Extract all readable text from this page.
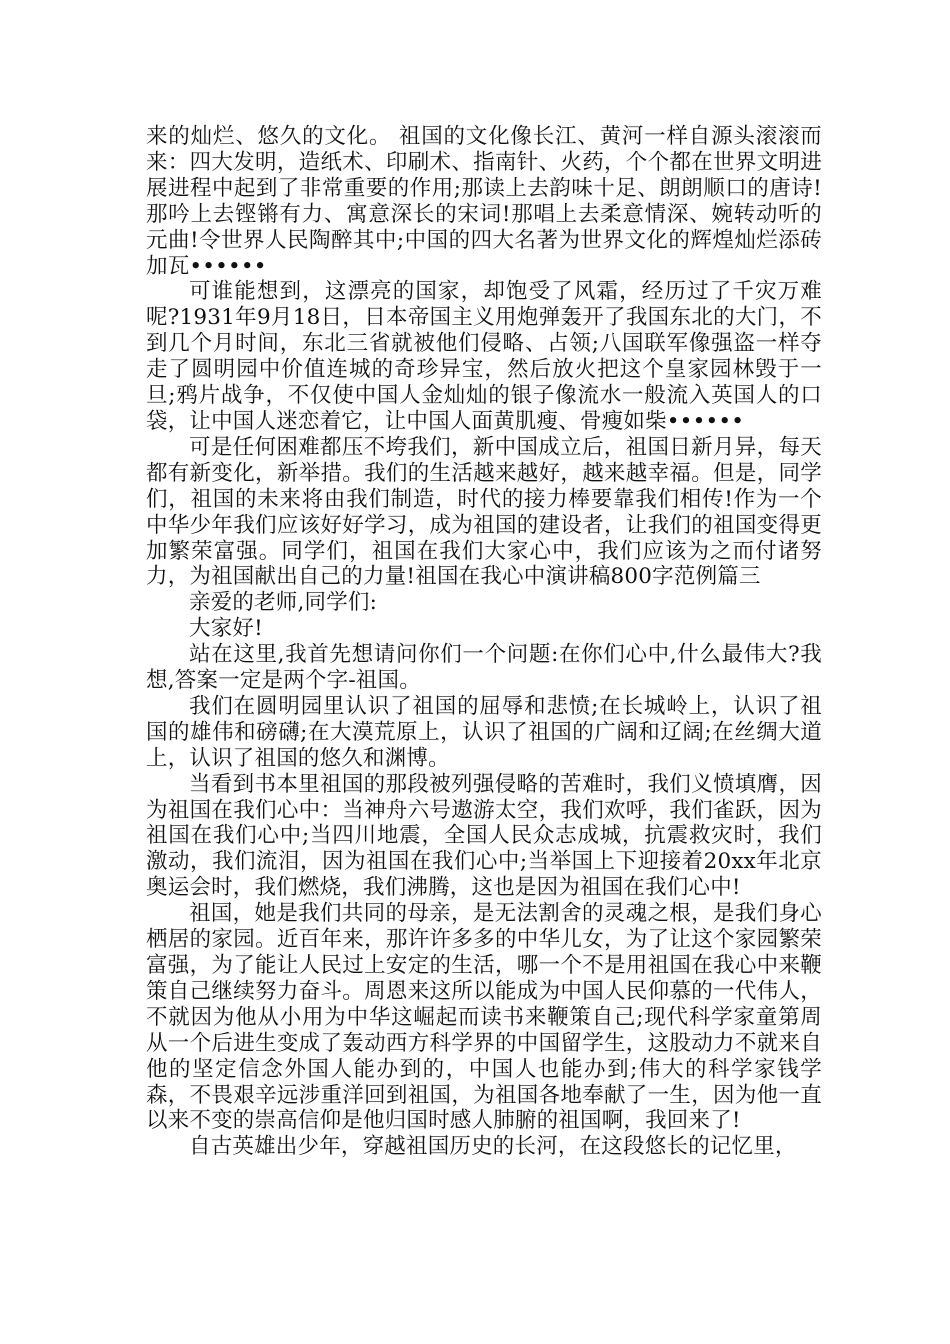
来的灿烂、悠久的文化。 祖国的文化像长江、黄河一样自源头滚滚而来：四大发明，造纸术、印刷术、指南针、火药，个个都在世界文明进展进程中起到了非常重要的作用;那读上去韵味十足、朗朗顺口的唐诗!那吟上去铿锵有力、寓意深长的宋词!那唱上去柔意情深、婉转动听的元曲!令世界人民陶醉其中;中国的四大名著为世界文化的辉煌灿烂添砖加瓦••••••

可谁能想到，这漂亮的国家，却饱受了风霜，经历过了千灾万难呢?1931年9月18日，日本帝国主义用炮弹轰开了我国东北的大门，不到几个月时间，东北三省就被他们侵略、占领;八国联军像强盗一样夺走了圆明园中价值连城的奇珍异宝，然后放火把这个皇家园林毁于一旦;鸦片战争，不仅使中国人金灿灿的银子像流水一般流入英国人的口袋，让中国人迷恋着它，让中国人面黄肌瘦、骨瘦如柴••••••

可是任何困难都压不垮我们，新中国成立后，祖国日新月异，每天都有新变化，新举措。我们的生活越来越好，越来越幸福。但是，同学们，祖国的未来将由我们制造，时代的接力棒要靠我们相传!作为一个中华少年我们应该好好学习，成为祖国的建设者，让我们的祖国变得更加繁荣富强。同学们，祖国在我们大家心中，我们应该为之而付诸努力，为祖国献出自己的力量!祖国在我心中演讲稿800字范例篇三

亲爱的老师,同学们:

大家好!

站在这里,我首先想请问你们一个问题:在你们心中,什么最伟大?我想,答案一定是两个字-祖国。

我们在圆明园里认识了祖国的屈辱和悲愤;在长城岭上，认识了祖国的雄伟和磅礴;在大漠荒原上，认识了祖国的广阔和辽阔;在丝绸大道上，认识了祖国的悠久和渊博。

当看到书本里祖国的那段被列强侵略的苦难时，我们义愤填膺，因为祖国在我们心中：当神舟六号遨游太空，我们欢呼，我们雀跃，因为祖国在我们心中;当四川地震，全国人民众志成城，抗震救灾时，我们激动，我们流泪，因为祖国在我们心中;当举国上下迎接着20xx年北京奥运会时，我们燃烧，我们沸腾，这也是因为祖国在我们心中!

祖国，她是我们共同的母亲，是无法割舍的灵魂之根，是我们身心栖居的家园。近百年来，那许许多多的中华儿女，为了让这个家园繁荣富强，为了能让人民过上安定的生活，哪一个不是用祖国在我心中来鞭策自己继续努力奋斗。周恩来这所以能成为中国人民仰慕的一代伟人，不就因为他从小用为中华这崛起而读书来鞭策自己;现代科学家童第周从一个后进生变成了轰动西方科学界的中国留学生，这股动力不就来自他的坚定信念外国人能办到的，中国人也能办到;伟大的科学家钱学森，不畏艰辛远涉重洋回到祖国，为祖国各地奉献了一生，因为他一直以来不变的崇高信仰是他归国时感人肺腑的祖国啊，我回来了!

自古英雄出少年，穿越祖国历史的长河，在这段悠长的记忆里，
